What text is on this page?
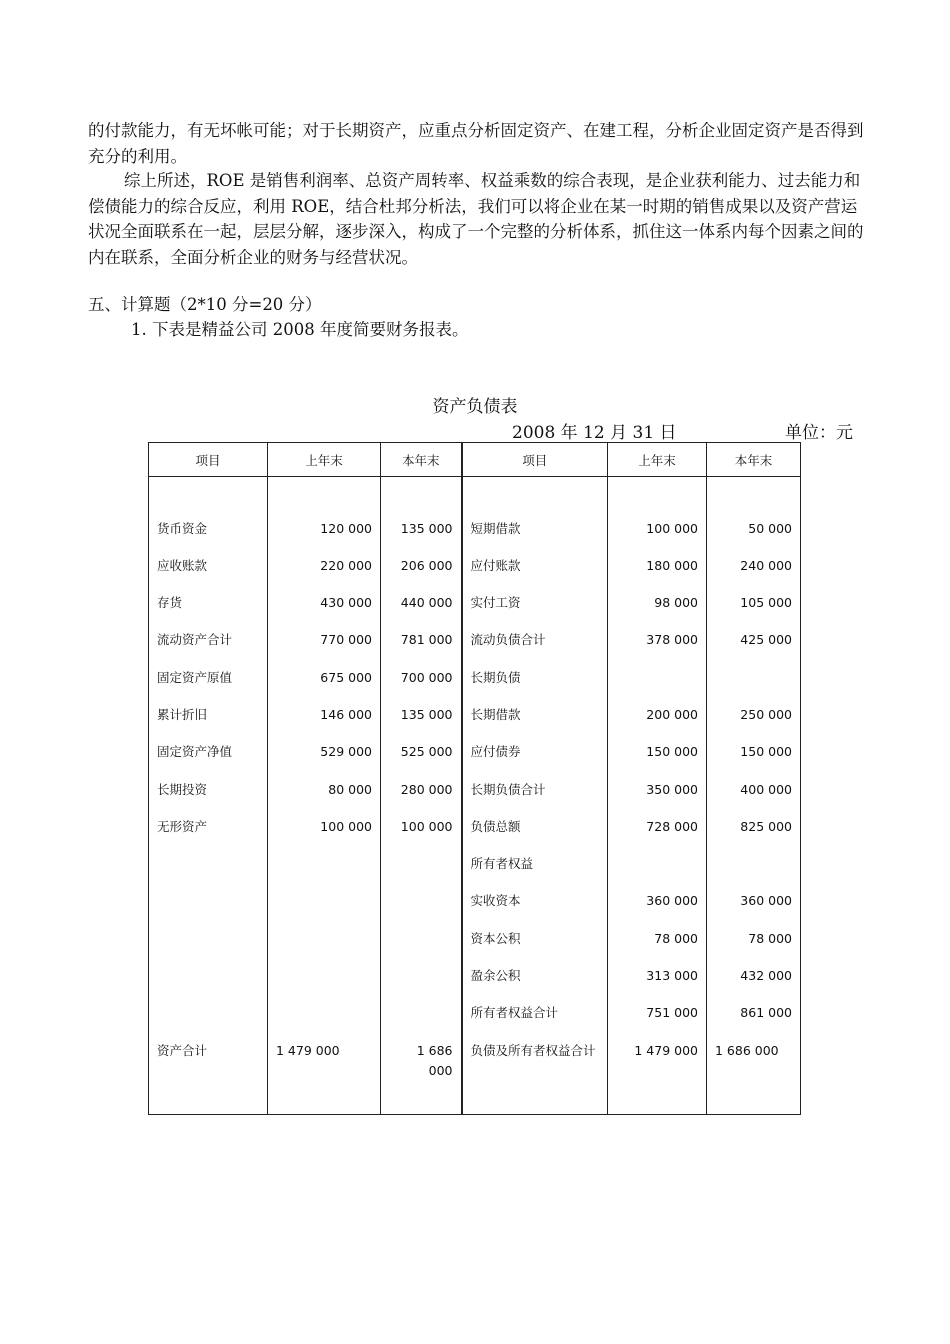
的付款能力，有无坏帐可能；对于长期资产，应重点分析固定资产、在建工程，分析企业固定资产是否得到充分的利用。

综上所述，ROE 是销售利润率、总资产周转率、权益乘数的综合表现，是企业获利能力、过去能力和偿债能力的综合反应，利用 ROE，结合杜邦分析法，我们可以将企业在某一时期的销售成果以及资产营运状况全面联系在一起，层层分解，逐步深入，构成了一个完整的分析体系，抓住这一体系内每个因素之间的内在联系，全面分析企业的财务与经营状况。

五、计算题（2*10 分=20 分）
1. 下表是精益公司 2008 年度简要财务报表。
资产负债表
2008 年 12 月 31 日	单位：元
项目	上年末	本年末	项目	上年末	本年末

货币资金	120 000	135 000	短期借款	100 000	50 000
应收账款	220 000	206 000	应付账款	180 000	240 000
存货	430 000	440 000	实付工资	98 000	105 000
流动资产合计	770 000	781 000	流动负债合计	378 000	425 000
固定资产原值	675 000	700 000	长期负债		
累计折旧	146 000	135 000	长期借款	200 000	250 000
固定资产净值	529 000	525 000	应付债券	150 000	150 000
长期投资	80 000	280 000	长期负债合计	350 000	400 000
无形资产	100 000	100 000	负债总额	728 000	825 000
			所有者权益		
			实收资本	360 000	360 000
			资本公积	78 000	78 000
			盈余公积	313 000	432 000
			所有者权益合计	751 000	861 000
资产合计	1 479 000	1 686 000	负债及所有者权益合计	1 479 000	1 686 000
